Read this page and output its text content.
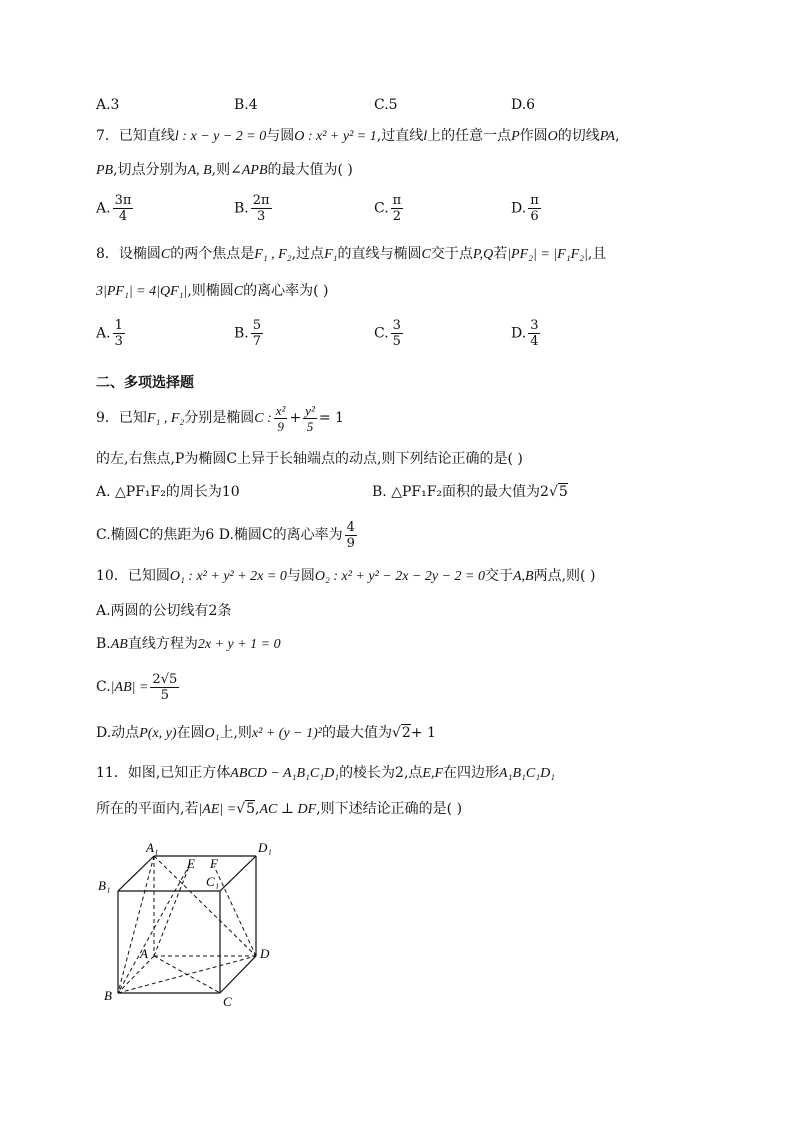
A.3	B.4	C.5	D.6
7．已知直线l : x − y − 2 = 0与圆O : x² + y² = 1,过直线l上的任意一点P作圆O的切线PA,
PB,切点分别为A, B,则∠APB的最大值为( )
A. $\frac{3\pi}{4}$	B. $\frac{2\pi}{3}$	C. $\frac{\pi}{2}$	D. $\frac{\pi}{6}$
8．设椭圆C的两个焦点是F₁ , F₂,过点F₁的直线与椭圆C交于点P,Q若|PF₂| = |F₁F₂|,且
3|PF₁| = 4|QF₁|,则椭圆C的离心率为( )
A. $\frac{1}{3}$	B. $\frac{5}{7}$	C. $\frac{3}{5}$	D. $\frac{3}{4}$
二、多项选择题
9．已知F₁ , F₂分别是椭圆C : $\frac{\text{x²}}{9} + \frac{\text{y²}}{5} = 1$
的左,右焦点,P为椭圆C上异于长轴端点的动点,则下列结论正确的是( )
A. △PF₁F₂的周长为10	B. △PF₁F₂面积的最大值为2√5
C.椭圆C的焦距为6 D.椭圆C的离心率为 $\frac{4}{9}$
10．已知圆O₁ : x² + y² + 2x = 0与圆O₂ : x² + y² − 2x − 2y − 2 = 0交于A,B两点,则( )
A.两圆的公切线有2条
B.AB直线方程为2x + y + 1 = 0
$C.|AB| = \frac{2√5}{5}$
D.动点P(x, y)在圆O₁上,则x² + (y − 1)²的最大值为√2+ 1
11．如图,已知正方体ABCD − A₁B₁C₁D₁的棱长为2,点E,F在四边形A₁B₁C₁D₁
所在的平面内,若|AE| =√5,AC ⊥ DF,则下述结论正确的是( )
A₁	D₁
B₁	C₁
E F
A	D
B	C
